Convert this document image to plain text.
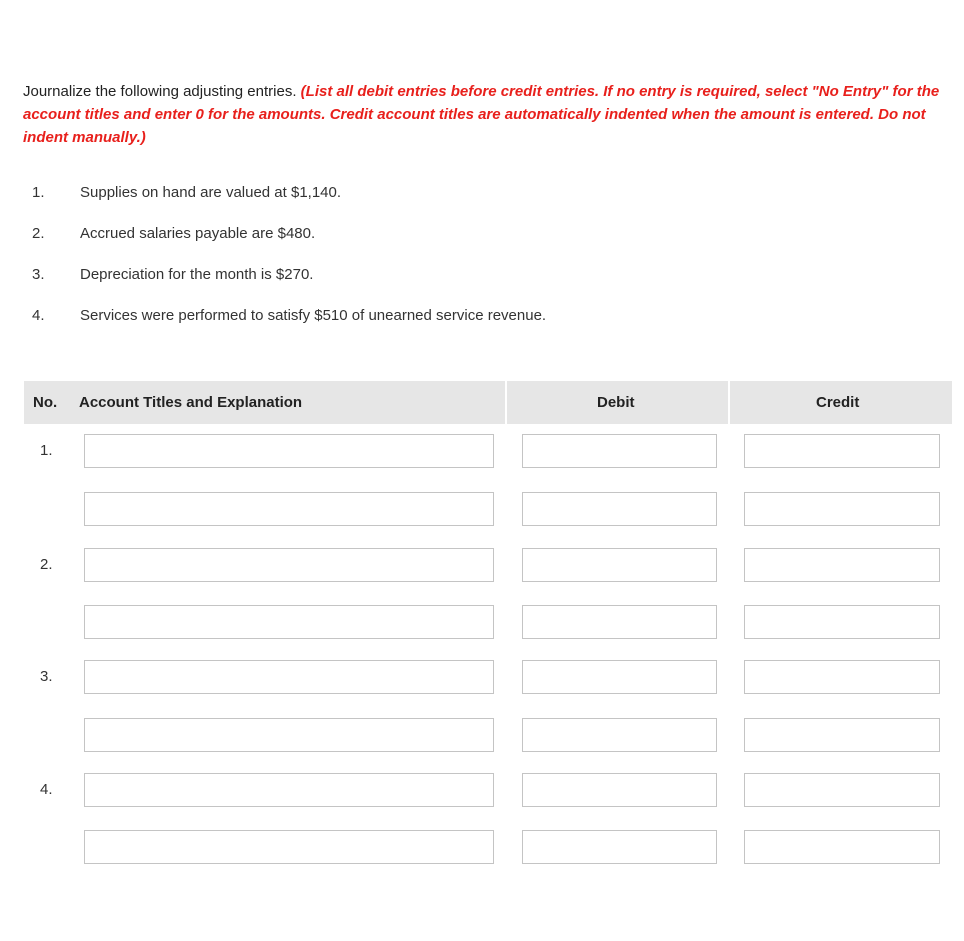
Journalize the following adjusting entries. (List all debit entries before credit entries. If no entry is required, select "No Entry" for the account titles and enter 0 for the amounts. Credit account titles are automatically indented when the amount is entered. Do not indent manually.)

1. Supplies on hand are valued at $1,140.
2. Accrued salaries payable are $480.
3. Depreciation for the month is $270.
4. Services were performed to satisfy $510 of unearned service revenue.
No. Account Titles and Explanation	Debit	Credit
1.
2.
3.
4.
